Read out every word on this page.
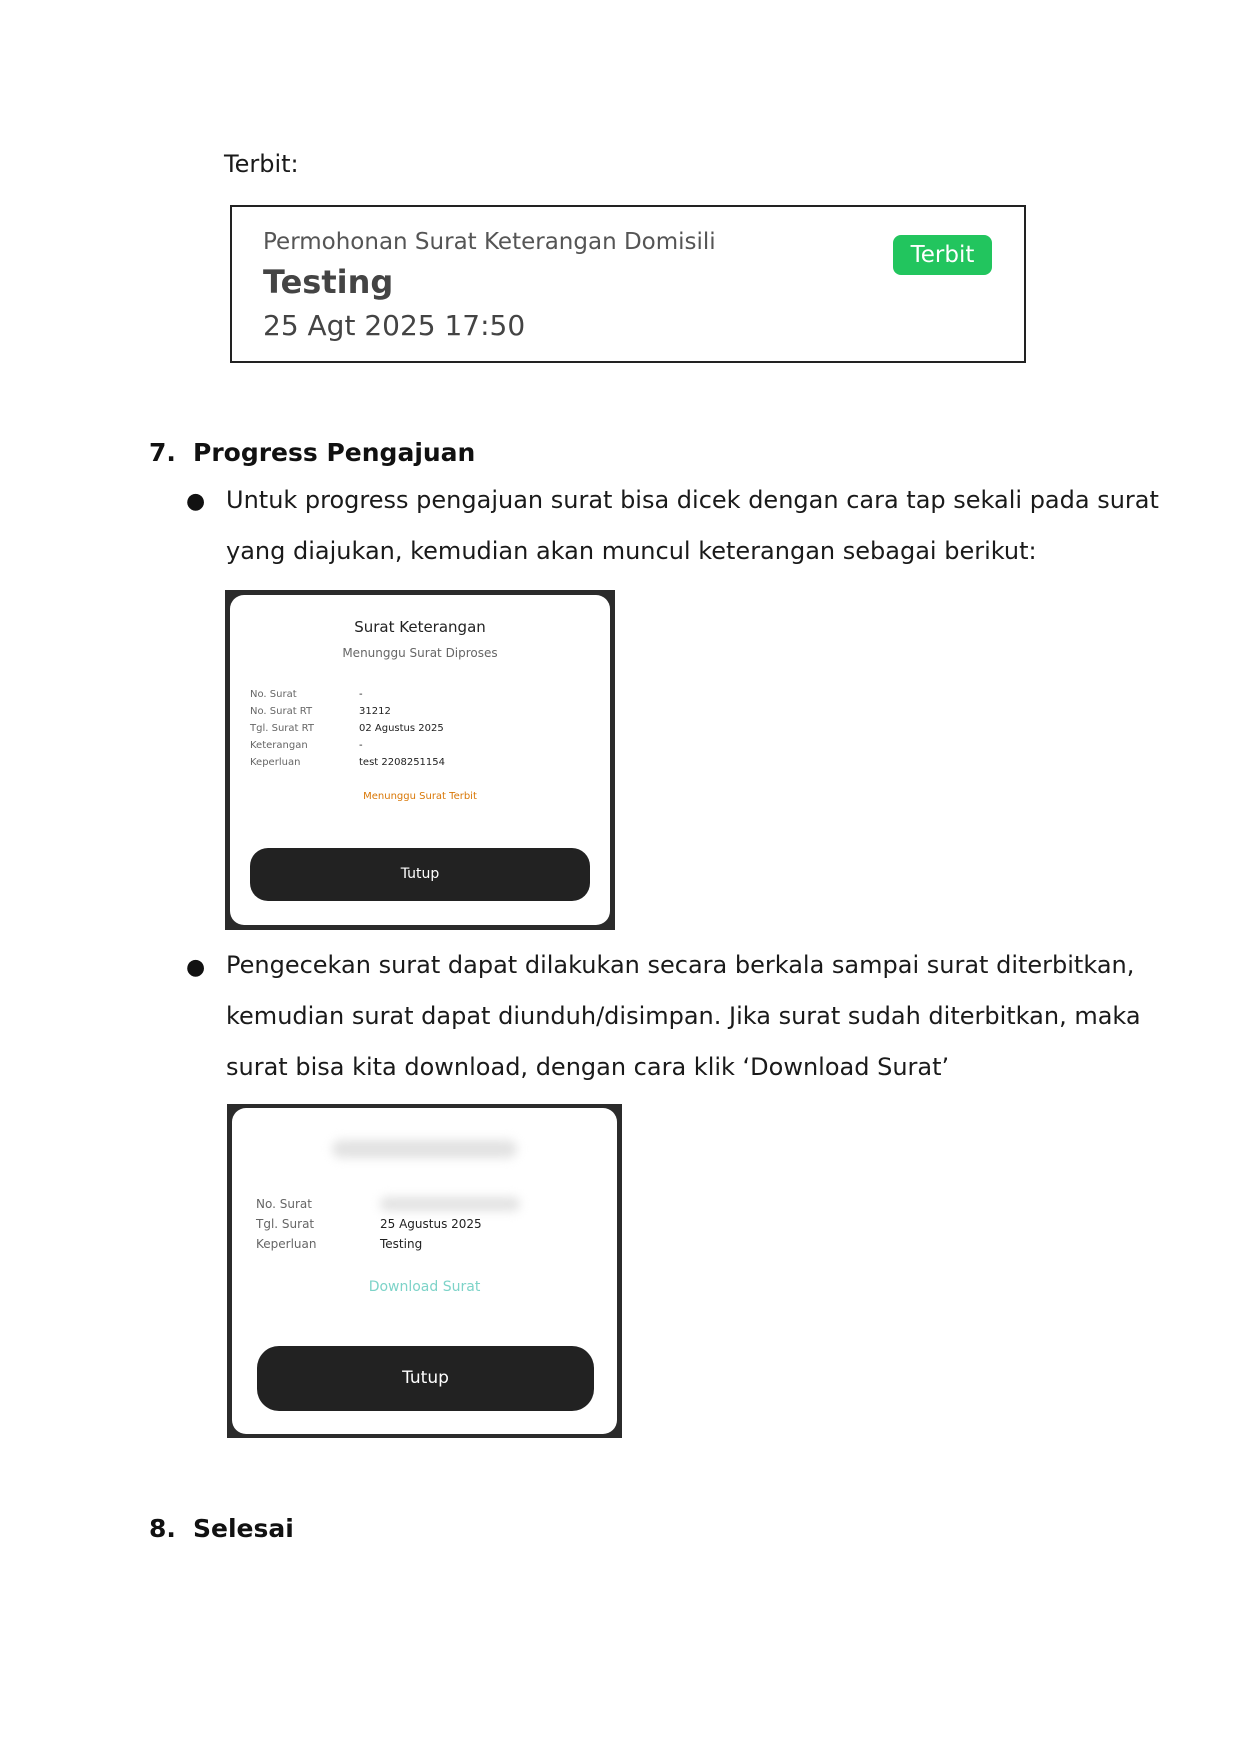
Terbit:
Permohonan Surat Keterangan Domisili
Testing
25 Agt 2025 17:50
Terbit
7. Progress Pengajuan
● Untuk progress pengajuan surat bisa dicek dengan cara tap sekali pada surat
yang diajukan, kemudian akan muncul keterangan sebagai berikut:
Surat Keterangan
Menunggu Surat Diproses
No. Surat	-
No. Surat RT	31212
Tgl. Surat RT	02 Agustus 2025
Keterangan	-
Keperluan	test 2208251154
Menunggu Surat Terbit
Tutup
● Pengecekan surat dapat dilakukan secara berkala sampai surat diterbitkan,
kemudian surat dapat diunduh/disimpan. Jika surat sudah diterbitkan, maka
surat bisa kita download, dengan cara klik ‘Download Surat’
No. Surat
Tgl. Surat	25 Agustus 2025
Keperluan	Testing
Download Surat
Tutup
8. Selesai
